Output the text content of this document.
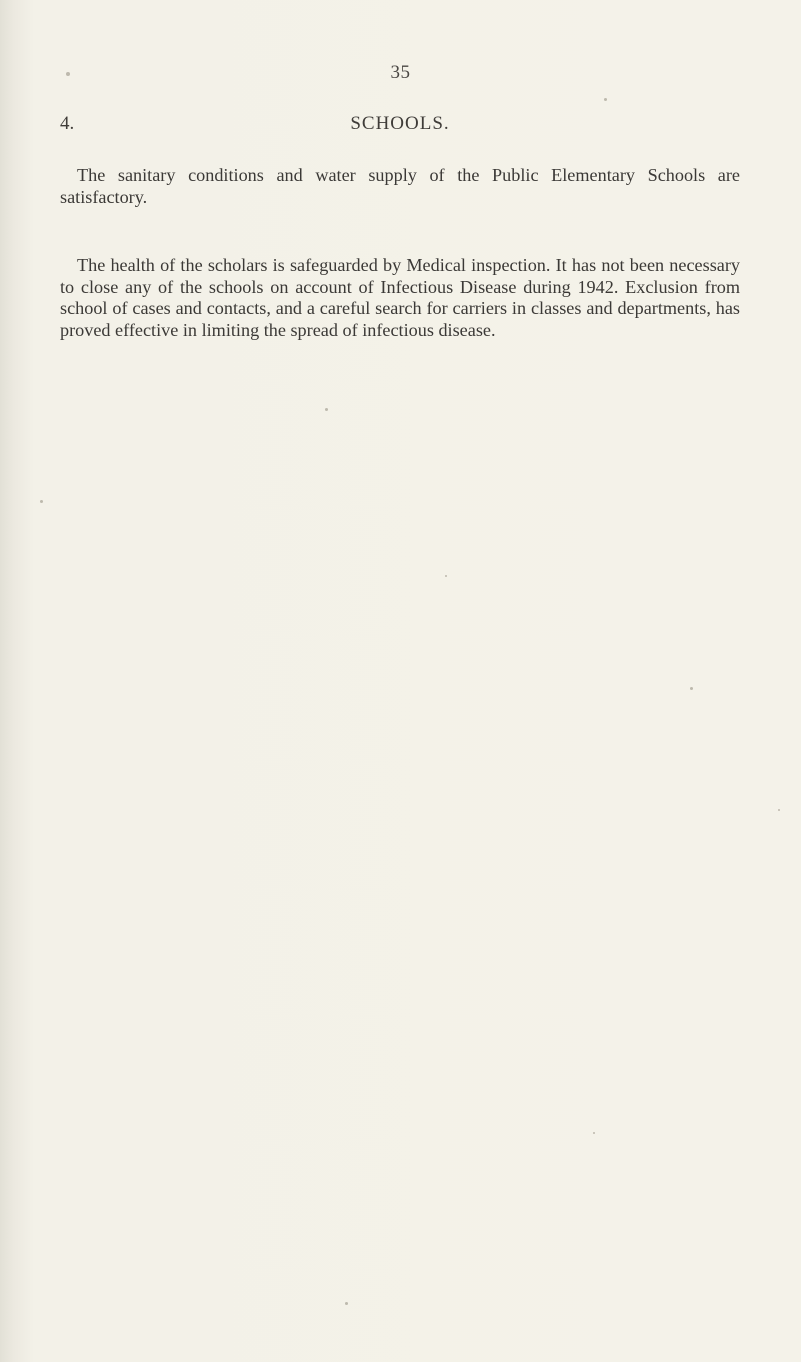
35
4.	SCHOOLS.

The sanitary conditions and water supply of the Public Elementary Schools are satisfactory.

The health of the scholars is safeguarded by Medical inspection. It has not been necessary to close any of the schools on account of Infectious Disease during 1942. Exclusion from school of cases and contacts, and a careful search for carriers in classes and departments, has proved effective in limiting the spread of infectious disease.
